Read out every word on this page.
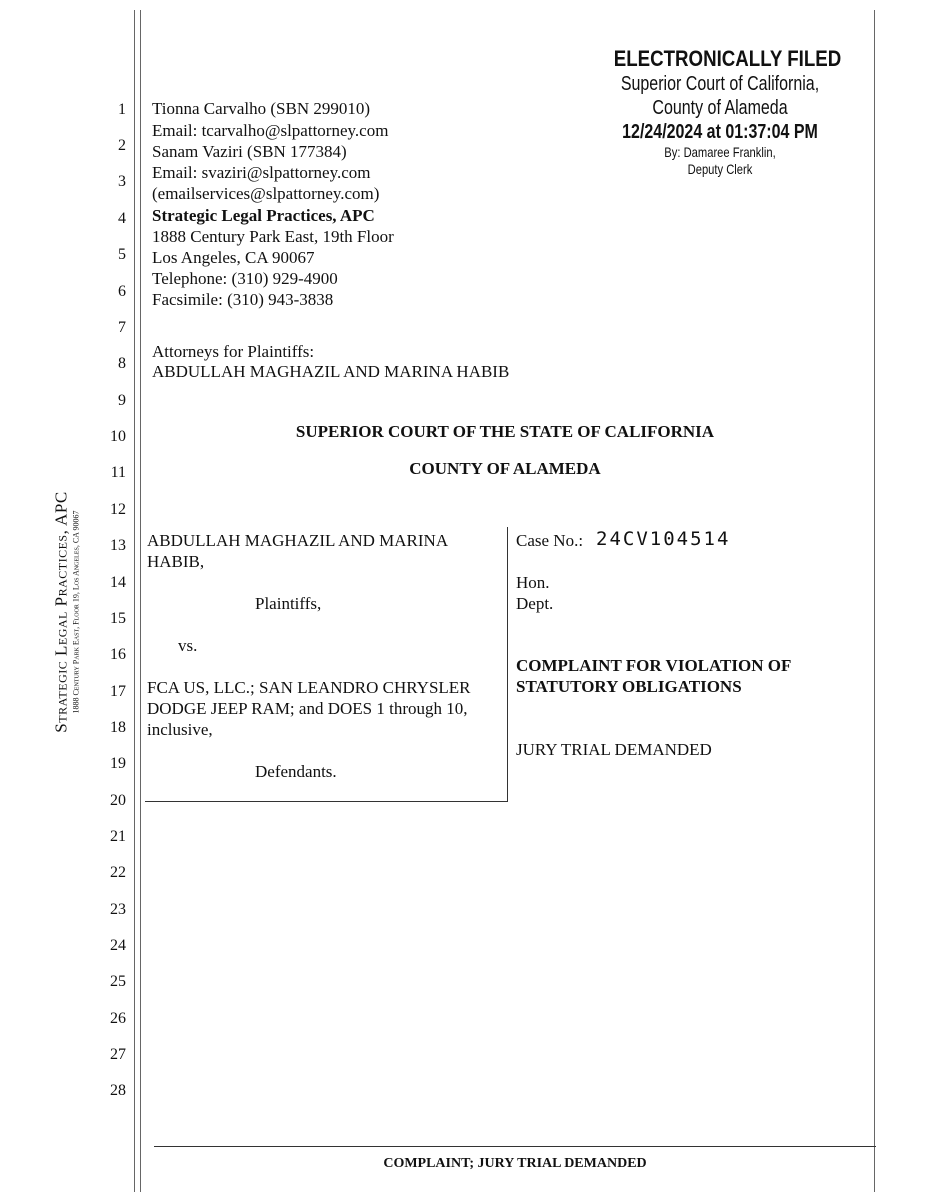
Strategic Legal Practices, APC 1888 Century Park East, Floor 19, Los Angeles, CA 90067
1
2
3
4
5
6
7
8
9
10
11
12
13
14
15
16
17
18
19
20
21
22
23
24
25
26
27
28
Tionna Carvalho (SBN 299010)
Email: tcarvalho@slpattorney.com
Sanam Vaziri (SBN 177384)
Email: svaziri@slpattorney.com
(emailservices@slpattorney.com)
Strategic Legal Practices, APC
1888 Century Park East, 19th Floor
Los Angeles, CA 90067
Telephone: (310) 929-4900
Facsimile: (310) 943-3838
Attorneys for Plaintiffs:
ABDULLAH MAGHAZIL AND MARINA HABIB
ELECTRONICALLY FILED
Superior Court of California,
County of Alameda
12/24/2024 at 01:37:04 PM
By: Damaree Franklin,
Deputy Clerk
SUPERIOR COURT OF THE STATE OF CALIFORNIA
COUNTY OF ALAMEDA
ABDULLAH MAGHAZIL AND MARINA
HABIB,
Plaintiffs,
vs.
FCA US, LLC.; SAN LEANDRO CHRYSLER
DODGE JEEP RAM; and DOES 1 through 10,
inclusive,
Defendants.
Case No.: 24CV104514
Hon.
Dept.
COMPLAINT FOR VIOLATION OF
STATUTORY OBLIGATIONS
JURY TRIAL DEMANDED
COMPLAINT; JURY TRIAL DEMANDED
